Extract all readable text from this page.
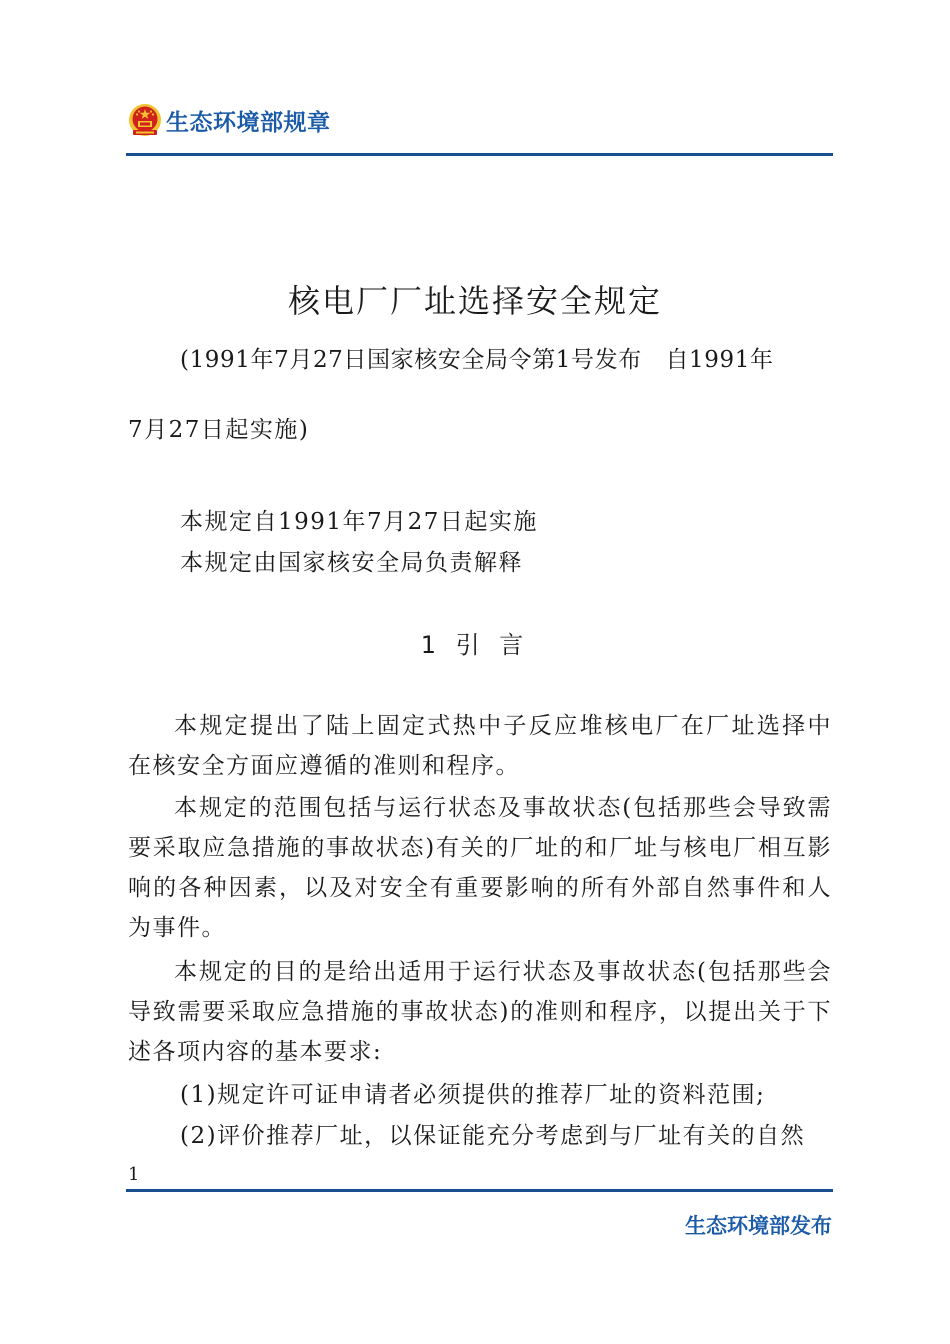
生态环境部规章
核电厂厂址选择安全规定
(1991年7月27日国家核安全局令第1号发布　自1991年
7月27日起实施)
本规定自1991年7月27日起实施
本规定由国家核安全局负责解释
1 引 言
本规定提出了陆上固定式热中子反应堆核电厂在厂址选择中在核安全方面应遵循的准则和程序。
本规定的范围包括与运行状态及事故状态(包括那些会导致需要采取应急措施的事故状态)有关的厂址的和厂址与核电厂相互影响的各种因素，以及对安全有重要影响的所有外部自然事件和人为事件。
本规定的目的是给出适用于运行状态及事故状态(包括那些会导致需要采取应急措施的事故状态)的准则和程序，以提出关于下述各项内容的基本要求:
(1)规定许可证申请者必须提供的推荐厂址的资料范围;
(2)评价推荐厂址，以保证能充分考虑到与厂址有关的自然
1
生态环境部发布
